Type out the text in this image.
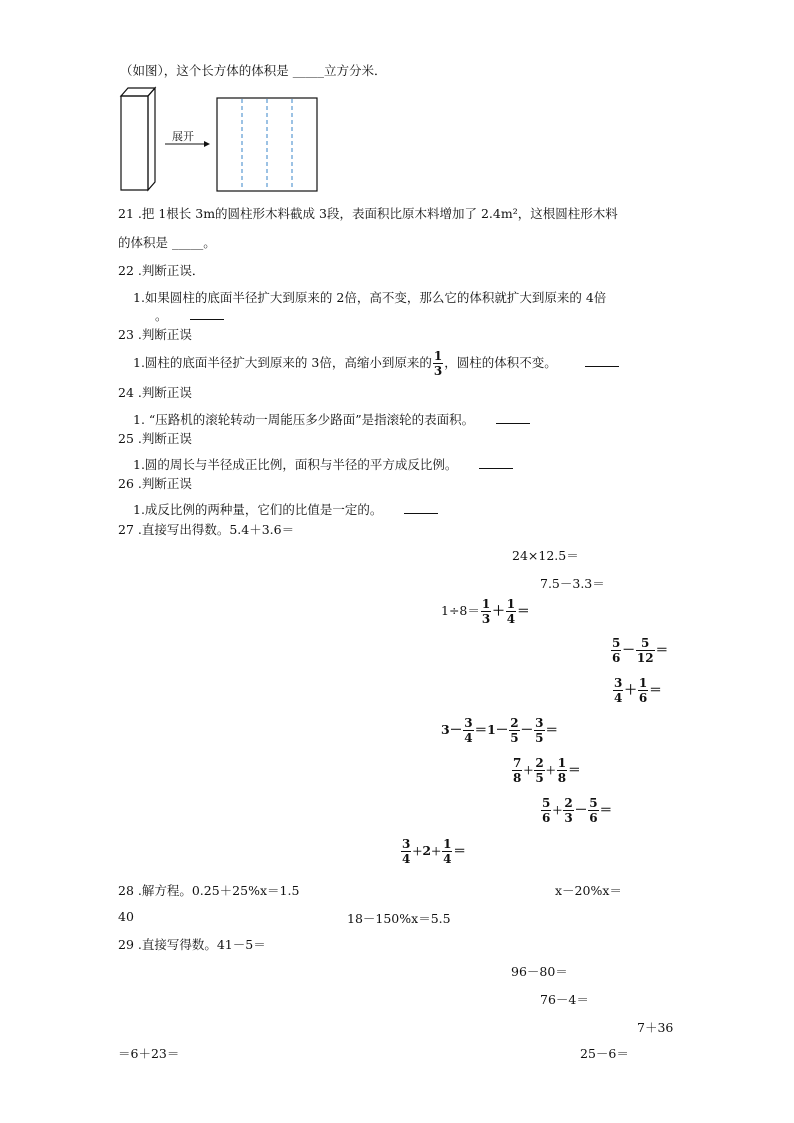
（如图），这个长方体的体积是 _____立方分米．
展开
21 .把 1根长 3m的圆柱形木料截成 3段，表面积比原木料增加了 2.4m²，这根圆柱形木料
的体积是 _____。
22 .判断正误．
1.如果圆柱的底面半径扩大到原来的 2倍，高不变，那么它的体积就扩大到原来的 4倍
。
23 .判断正误
1.圆柱的底面半径扩大到原来的 3倍，高缩小到原来的 $\frac{1}{3}$ ，圆柱的体积不变。
24 .判断正误
1. “压路机的滚轮转动一周能压多少路面”是指滚轮的表面积。
25 .判断正误
1.圆的周长与半径成正比例，面积与半径的平方成反比例。
26 .判断正误
1.成反比例的两种量，它们的比值是一定的。
27 .直接写出得数。5.4＋3.6＝
24×12.5＝
7.5－3.3＝
$1\div 8= \frac{1}{3} + \frac{1}{4}$ ＝
$\frac{5}{6} - \frac{5}{12}$ ＝
$\frac{3}{4} + \frac{1}{6}$ ＝
$3- \frac{3}{4} =1- \frac{2}{5} - \frac{3}{5}$ ＝
$\frac{7}{8} + \frac{2}{5} + \frac{1}{8}$ ＝
$\frac{5}{6} + \frac{2}{3} - \frac{5}{6}$ ＝
$\frac{3}{4} +2+ \frac{1}{4}$ ＝
28 .解方程。0.25＋25%x＝1.5	x－20%x＝
40	18－150%x＝5.5
29 .直接写得数。41－5＝
96－80＝
76－4＝
7＋36
＝6＋23＝	25－6＝
